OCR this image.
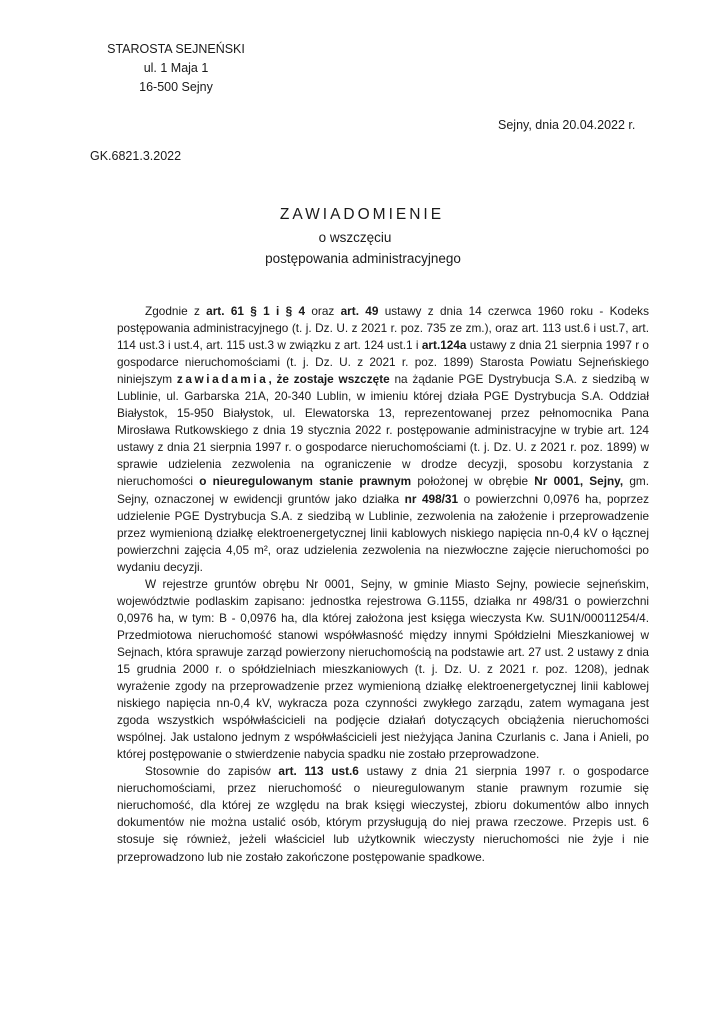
STAROSTA SEJNEŃSKI
ul. 1 Maja 1
16-500 Sejny
Sejny, dnia 20.04.2022 r.
GK.6821.3.2022
ZAWIADOMIENIE
o wszczęciu
postępowania administracyjnego

Zgodnie z art. 61 § 1 i § 4 oraz art. 49 ustawy z dnia 14 czerwca 1960 roku - Kodeks postępowania administracyjnego (t. j. Dz. U. z 2021 r. poz. 735 ze zm.), oraz art. 113 ust.6 i ust.7, art. 114 ust.3 i ust.4, art. 115 ust.3 w związku z art. 124 ust.1 i art.124a ustawy z dnia 21 sierpnia 1997 r o gospodarce nieruchomościami (t. j. Dz. U. z 2021 r. poz. 1899) Starosta Powiatu Sejneńskiego niniejszym zawiadamia, że zostaje wszczęte na żądanie PGE Dystrybucja S.A. z siedzibą w Lublinie, ul. Garbarska 21A, 20-340 Lublin, w imieniu której działa PGE Dystrybucja S.A. Oddział Białystok, 15-950 Białystok, ul. Elewatorska 13, reprezentowanej przez pełnomocnika Pana Mirosława Rutkowskiego z dnia 19 stycznia 2022 r. postępowanie administracyjne w trybie art. 124 ustawy z dnia 21 sierpnia 1997 r. o gospodarce nieruchomościami (t. j. Dz. U. z 2021 r. poz. 1899) w sprawie udzielenia zezwolenia na ograniczenie w drodze decyzji, sposobu korzystania z nieruchomości o nieuregulowanym stanie prawnym położonej w obrębie Nr 0001, Sejny, gm. Sejny, oznaczonej w ewidencji gruntów jako działka nr 498/31 o powierzchni 0,0976 ha, poprzez udzielenie PGE Dystrybucja S.A. z siedzibą w Lublinie, zezwolenia na założenie i przeprowadzenie przez wymienioną działkę elektroenergetycznej linii kablowych niskiego napięcia nn-0,4 kV o łącznej powierzchni zajęcia 4,05 m², oraz udzielenia zezwolenia na niezwłoczne zajęcie nieruchomości po wydaniu decyzji.

W rejestrze gruntów obrębu Nr 0001, Sejny, w gminie Miasto Sejny, powiecie sejneńskim, województwie podlaskim zapisano: jednostka rejestrowa G.1155, działka nr 498/31 o powierzchni 0,0976 ha, w tym: B - 0,0976 ha, dla której założona jest księga wieczysta Kw. SU1N/00011254/4. Przedmiotowa nieruchomość stanowi współwłasność między innymi Spółdzielni Mieszkaniowej w Sejnach, która sprawuje zarząd powierzony nieruchomością na podstawie art. 27 ust. 2 ustawy z dnia 15 grudnia 2000 r. o spółdzielniach mieszkaniowych (t. j. Dz. U. z 2021 r. poz. 1208), jednak wyrażenie zgody na przeprowadzenie przez wymienioną działkę elektroenergetycznej linii kablowej niskiego napięcia nn-0,4 kV, wykracza poza czynności zwykłego zarządu, zatem wymagana jest zgoda wszystkich współwłaścicieli na podjęcie działań dotyczących obciążenia nieruchomości wspólnej. Jak ustalono jednym z współwłaścicieli jest nieżyjąca Janina Czurlanis c. Jana i Anieli, po której postępowanie o stwierdzenie nabycia spadku nie zostało przeprowadzone.

Stosownie do zapisów art. 113 ust.6 ustawy z dnia 21 sierpnia 1997 r. o gospodarce nieruchomościami, przez nieruchomość o nieuregulowanym stanie prawnym rozumie się nieruchomość, dla której ze względu na brak księgi wieczystej, zbioru dokumentów albo innych dokumentów nie można ustalić osób, którym przysługują do niej prawa rzeczowe. Przepis ust. 6 stosuje się również, jeżeli właściciel lub użytkownik wieczysty nieruchomości nie żyje i nie przeprowadzono lub nie zostało zakończone postępowanie spadkowe.
